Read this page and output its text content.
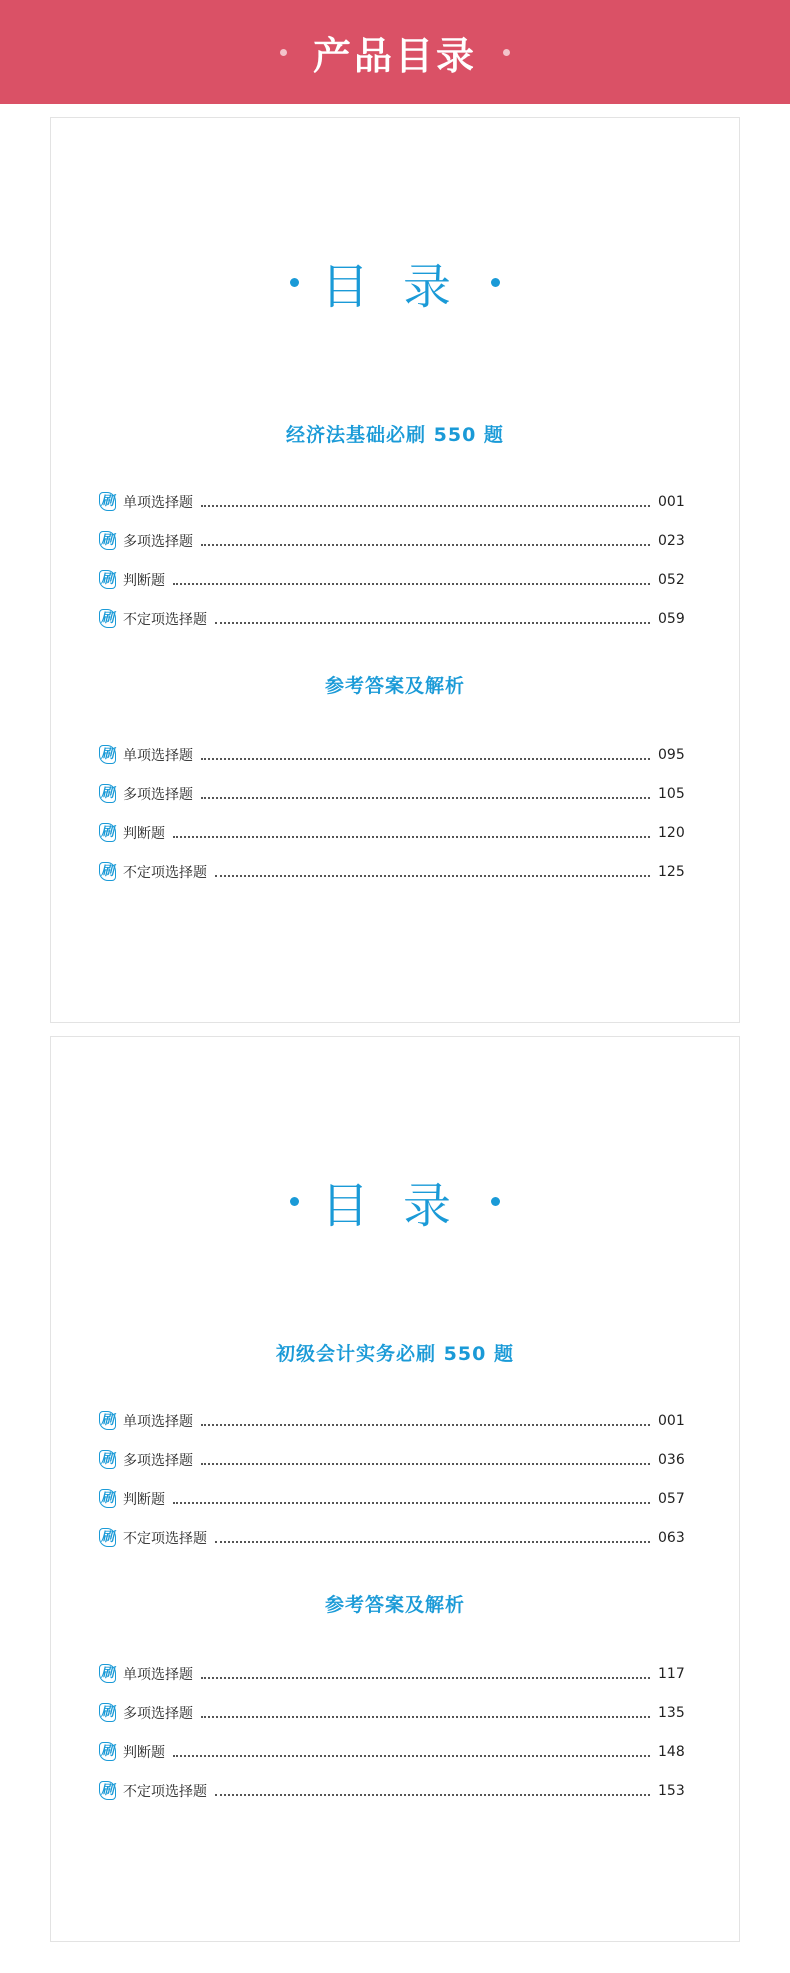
产品目录
目录
经济法基础必刷 550 题
刷 单项选择题	001
刷 多项选择题	023
刷 判断题	052
刷 不定项选择题	059
参考答案及解析
刷 单项选择题	095
刷 多项选择题	105
刷 判断题	120
刷 不定项选择题	125
目录
初级会计实务必刷 550 题
刷 单项选择题	001
刷 多项选择题	036
刷 判断题	057
刷 不定项选择题	063
参考答案及解析
刷 单项选择题	117
刷 多项选择题	135
刷 判断题	148
刷 不定项选择题	153
